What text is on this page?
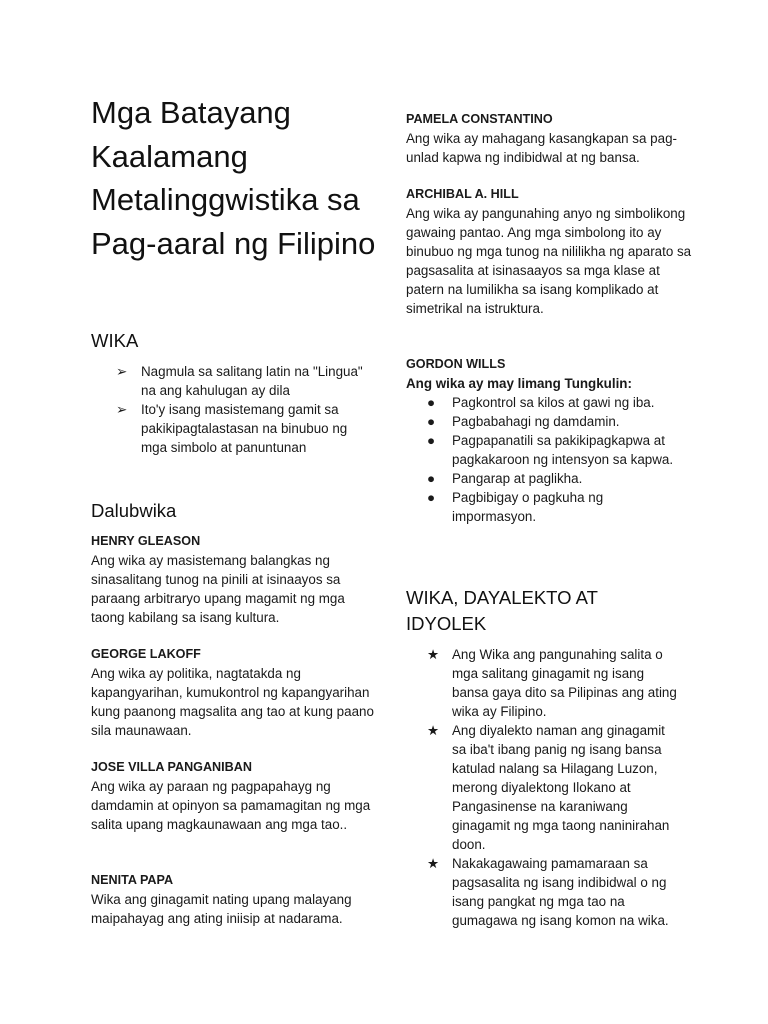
Mga Batayang Kaalamang Metalinggwistika sa Pag-aaral ng Filipino
WIKA
➢	Nagmula sa salitang latin na "Lingua" na ang kahulugan ay dila
➢	Ito'y isang masistemang gamit sa pakikipagtalastasan na binubuo ng mga simbolo at panuntunan
Dalubwika
HENRY GLEASON
Ang wika ay masistemang balangkas ng sinasalitang tunog na pinili at isinaayos sa paraang arbitraryo upang magamit ng mga taong kabilang sa isang kultura.
GEORGE LAKOFF
Ang wika ay politika, nagtatakda ng kapangyarihan, kumukontrol ng kapangyarihan kung paanong magsalita ang tao at kung paano sila maunawaan.
JOSE VILLA PANGANIBAN
Ang wika ay paraan ng pagpapahayg ng damdamin at opinyon sa pamamagitan ng mga salita upang magkaunawaan ang mga tao..
NENITA PAPA
Wika ang ginagamit nating upang malayang maipahayag ang ating iniisip at nadarama.
PAMELA CONSTANTINO
Ang wika ay mahagang kasangkapan sa pag-unlad kapwa ng indibidwal at ng bansa.
ARCHIBAL A. HILL
Ang wika ay pangunahing anyo ng simbolikong gawaing pantao. Ang mga simbolong ito ay binubuo ng mga tunog na nililikha ng aparato sa pagsasalita at isinasaayos sa mga klase at patern na lumilikha sa isang komplikado at simetrikal na istruktura.
GORDON WILLS
Ang wika ay may limang Tungkulin:
●	Pagkontrol sa kilos at gawi ng iba.
●	Pagbabahagi ng damdamin.
●	Pagpapanatili sa pakikipagkapwa at pagkakaroon ng intensyon sa kapwa.
●	Pangarap at paglikha.
●	Pagbibigay o pagkuha ng impormasyon.
WIKA, DAYALEKTO AT IDYOLEK
★ Ang Wika ang pangunahing salita o mga salitang ginagamit ng isang bansa gaya dito sa Pilipinas ang ating wika ay Filipino.
★ Ang diyalekto naman ang ginagamit sa iba't ibang panig ng isang bansa katulad nalang sa Hilagang Luzon, merong diyalektong Ilokano at Pangasinense na karaniwang ginagamit ng mga taong naninirahan doon.
★ Nakakagawaing pamamaraan sa pagsasalita ng isang indibidwal o ng isang pangkat ng mga tao na gumagawa ng isang komon na wika.
